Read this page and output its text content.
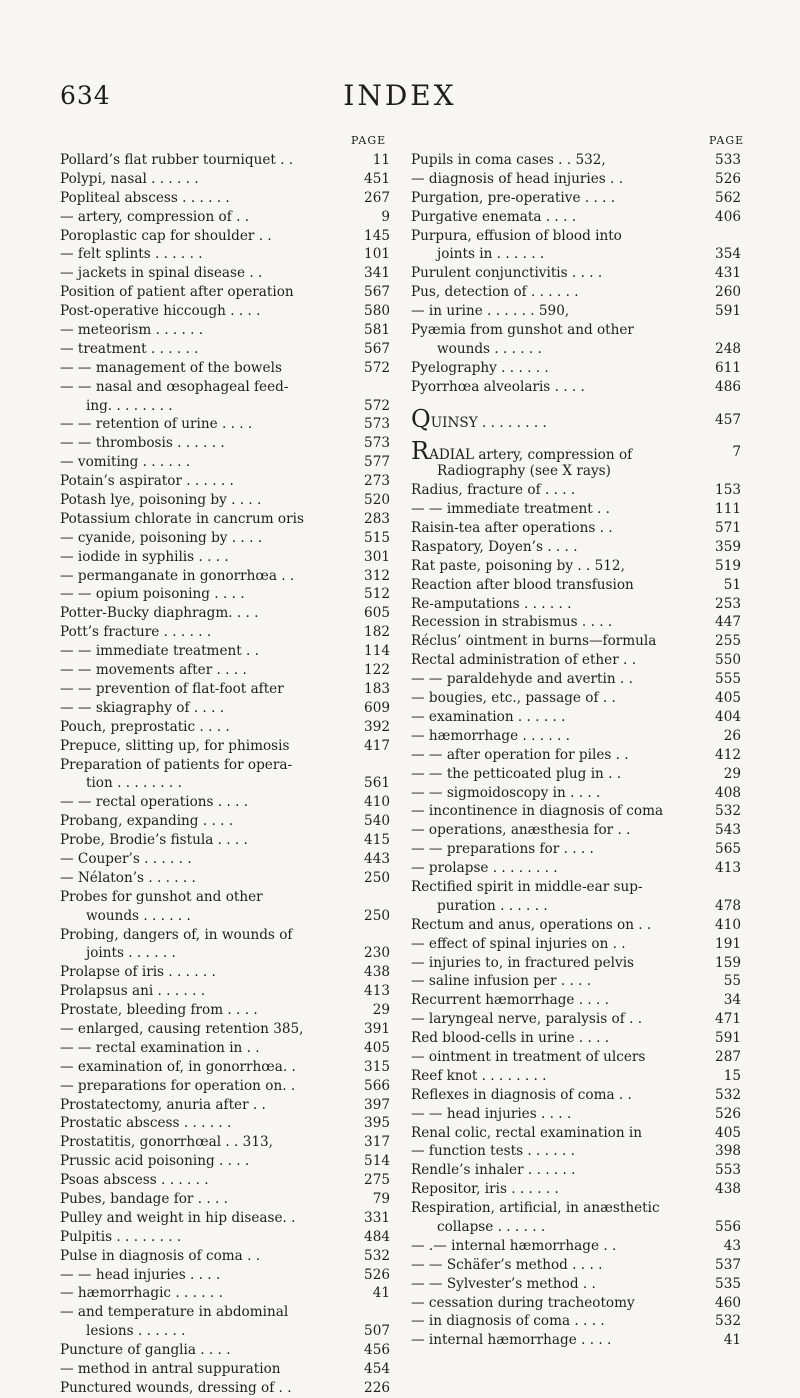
634	INDEX
PAGE	PAGE
Pollard’s flat rubber tourniquet . .	11
Polypi, nasal . . . . . .	451
Popliteal abscess . . . . . .	267
— artery, compression of . .	9
Poroplastic cap for shoulder . .	145
— felt splints . . . . . .	101
— jackets in spinal disease . .	341
Position of patient after operation	567
Post-operative hiccough . . . .	580
— meteorism . . . . . .	581
— treatment . . . . . .	567
— — management of the bowels	572
— — nasal and œsophageal feed-
ing. . . . . . . .	572
— — retention of urine . . . .	573
— — thrombosis . . . . . .	573
— vomiting . . . . . .	577
Potain’s aspirator . . . . . .	273
Potash lye, poisoning by . . . .	520
Potassium chlorate in cancrum oris	283
— cyanide, poisoning by . . . .	515
— iodide in syphilis . . . .	301
— permanganate in gonorrhœa . .	312
— — opium poisoning . . . .	512
Potter-Bucky diaphragm. . . .	605
Pott’s fracture . . . . . .	182
— — immediate treatment . .	114
— — movements after . . . .	122
— — prevention of flat-foot after	183
— — skiagraphy of . . . .	609
Pouch, preprostatic . . . .	392
Prepuce, slitting up, for phimosis	417
Preparation of patients for opera-
tion . . . . . . . .	561
— — rectal operations . . . .	410
Probang, expanding . . . .	540
Probe, Brodie’s fistula . . . .	415
— Couper’s . . . . . .	443
— Nélaton’s . . . . . .	250
Probes for gunshot and other
wounds . . . . . .	250
Probing, dangers of, in wounds of
joints . . . . . .	230
Prolapse of iris . . . . . .	438
Prolapsus ani . . . . . .	413
Prostate, bleeding from . . . .	29
— enlarged, causing retention 385,	391
— — rectal examination in . .	405
— examination of, in gonorrhœa. .	315
— preparations for operation on. .	566
Prostatectomy, anuria after . .	397
Prostatic abscess . . . . . .	395
Prostatitis, gonorrhœal . . 313,	317
Prussic acid poisoning . . . .	514
Psoas abscess . . . . . .	275
Pubes, bandage for . . . .	79
Pulley and weight in hip disease. .	331
Pulpitis . . . . . . . .	484
Pulse in diagnosis of coma . .	532
— — head injuries . . . .	526
— hæmorrhagic . . . . . .	41
— and temperature in abdominal
lesions . . . . . .	507
Puncture of ganglia . . . .	456
— method in antral suppuration	454
Punctured wounds, dressing of . .	226
Pupils in coma cases . . 532,	533
— diagnosis of head injuries . .	526
Purgation, pre-operative . . . .	562
Purgative enemata . . . .	406
Purpura, effusion of blood into
joints in . . . . . .	354
Purulent conjunctivitis . . . .	431
Pus, detection of . . . . . .	260
— in urine . . . . . . 590,	591
Pyæmia from gunshot and other
wounds . . . . . .	248
Pyelography . . . . . .	611
Pyorrhœa alveolaris . . . .	486
QUINSY . . . . . . . .	457
RADIAL artery, compression of	7
Radiography (see X rays)
Radius, fracture of . . . .	153
— — immediate treatment . .	111
Raisin-tea after operations . .	571
Raspatory, Doyen’s . . . .	359
Rat paste, poisoning by . . 512,	519
Reaction after blood transfusion	51
Re-amputations . . . . . .	253
Recession in strabismus . . . .	447
Réclus’ ointment in burns—formula	255
Rectal administration of ether . .	550
— — paraldehyde and avertin . .	555
— bougies, etc., passage of . .	405
— examination . . . . . .	404
— hæmorrhage . . . . . .	26
— — after operation for piles . .	412
— — the petticoated plug in . .	29
— — sigmoidoscopy in . . . .	408
— incontinence in diagnosis of coma	532
— operations, anæsthesia for . .	543
— — preparations for . . . .	565
— prolapse . . . . . . . .	413
Rectified spirit in middle-ear sup-
puration . . . . . .	478
Rectum and anus, operations on . .	410
— effect of spinal injuries on . .	191
— injuries to, in fractured pelvis	159
— saline infusion per . . . .	55
Recurrent hæmorrhage . . . .	34
— laryngeal nerve, paralysis of . .	471
Red blood-cells in urine . . . .	591
— ointment in treatment of ulcers	287
Reef knot . . . . . . . .	15
Reflexes in diagnosis of coma . .	532
— — head injuries . . . .	526
Renal colic, rectal examination in	405
— function tests . . . . . .	398
Rendle’s inhaler . . . . . .	553
Repositor, iris . . . . . .	438
Respiration, artificial, in anæsthetic
collapse . . . . . .	556
— .— internal hæmorrhage . .	43
— — Schäfer’s method . . . .	537
— — Sylvester’s method . .	535
— cessation during tracheotomy	460
— in diagnosis of coma . . . .	532
— internal hæmorrhage . . . .	41
